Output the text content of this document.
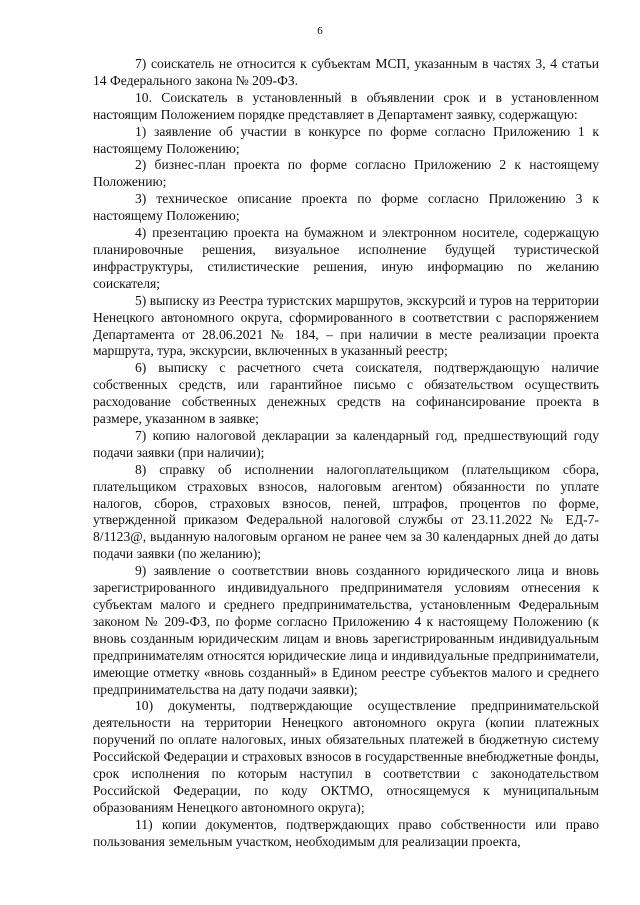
6

7) соискатель не относится к субъектам МСП, указанным в частях 3, 4 статьи 14 Федерального закона № 209-ФЗ.

10. Соискатель в установленный в объявлении срок и в установленном настоящим Положением порядке представляет в Департамент заявку, содержащую:

1) заявление об участии в конкурсе по форме согласно Приложению 1 к настоящему Положению;

2) бизнес-план проекта по форме согласно Приложению 2 к настоящему Положению;

3) техническое описание проекта по форме согласно Приложению 3 к настоящему Положению;

4) презентацию проекта на бумажном и электронном носителе, содержащую планировочные решения, визуальное исполнение будущей туристической инфраструктуры, стилистические решения, иную информацию по желанию соискателя;

5) выписку из Реестра туристских маршрутов, экскурсий и туров на территории Ненецкого автономного округа, сформированного в соответствии с распоряжением Департамента от 28.06.2021 № 184, – при наличии в месте реализации проекта маршрута, тура, экскурсии, включенных в указанный реестр;

6) выписку с расчетного счета соискателя, подтверждающую наличие собственных средств, или гарантийное письмо с обязательством осуществить расходование собственных денежных средств на софинансирование проекта в размере, указанном в заявке;

7) копию налоговой декларации за календарный год, предшествующий году подачи заявки (при наличии);

8) справку об исполнении налогоплательщиком (плательщиком сбора, плательщиком страховых взносов, налоговым агентом) обязанности по уплате налогов, сборов, страховых взносов, пеней, штрафов, процентов по форме, утвержденной приказом Федеральной налоговой службы от 23.11.2022 № ЕД-7-8/1123@, выданную налоговым органом не ранее чем за 30 календарных дней до даты подачи заявки (по желанию);

9) заявление о соответствии вновь созданного юридического лица и вновь зарегистрированного индивидуального предпринимателя условиям отнесения к субъектам малого и среднего предпринимательства, установленным Федеральным законом № 209-ФЗ, по форме согласно Приложению 4 к настоящему Положению (к вновь созданным юридическим лицам и вновь зарегистрированным индивидуальным предпринимателям относятся юридические лица и индивидуальные предприниматели, имеющие отметку «вновь созданный» в Едином реестре субъектов малого и среднего предпринимательства на дату подачи заявки);

10) документы, подтверждающие осуществление предпринимательской деятельности на территории Ненецкого автономного округа (копии платежных поручений по оплате налоговых, иных обязательных платежей в бюджетную систему Российской Федерации и страховых взносов в государственные внебюджетные фонды, срок исполнения по которым наступил в соответствии с законодательством Российской Федерации, по коду ОКТМО, относящемуся к муниципальным образованиям Ненецкого автономного округа);

11) копии документов, подтверждающих право собственности или право пользования земельным участком, необходимым для реализации проекта,
